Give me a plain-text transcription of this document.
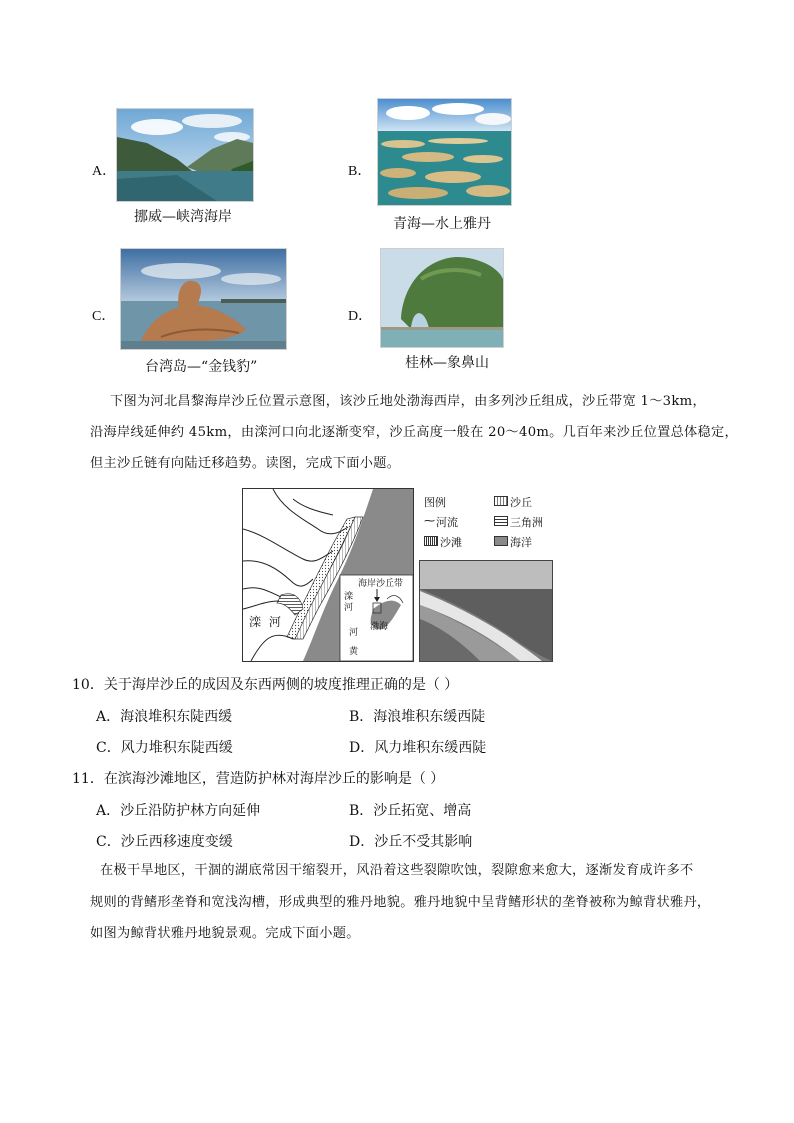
A．
挪威—峡湾海岸
B．
青海—水上雅丹
C．
台湾岛—“金钱豹”
D．
桂林—象鼻山
下图为河北昌黎海岸沙丘位置示意图，该沙丘地处渤海西岸，由多列沙丘组成，沙丘带宽 1～3km，
沿海岸线延伸约 45km，由滦河口向北逐渐变窄，沙丘高度一般在 20～40m。几百年来沙丘位置总体稳定，
但主沙丘链有向陆迁移趋势。读图，完成下面小题。
滦 河
海岸沙丘带
滦
河
渤海
河
黄
图例	沙丘
⁓ 河流	三角洲
沙滩	海洋
10．关于海岸沙丘的成因及东西两侧的坡度推理正确的是（ ）
A．海浪堆积东陡西缓	B．海浪堆积东缓西陡
C．风力堆积东陡西缓	D．风力堆积东缓西陡
11．在滨海沙滩地区，营造防护林对海岸沙丘的影响是（ ）
A．沙丘沿防护林方向延伸	B．沙丘拓宽、增高
C．沙丘西移速度变缓	D．沙丘不受其影响
在极干旱地区，干涸的湖底常因干缩裂开，风沿着这些裂隙吹蚀，裂隙愈来愈大，逐渐发育成许多不
规则的背鳍形垄脊和宽浅沟槽，形成典型的雅丹地貌。雅丹地貌中呈背鳍形状的垄脊被称为鲸背状雅丹，
如图为鲸背状雅丹地貌景观。完成下面小题。
